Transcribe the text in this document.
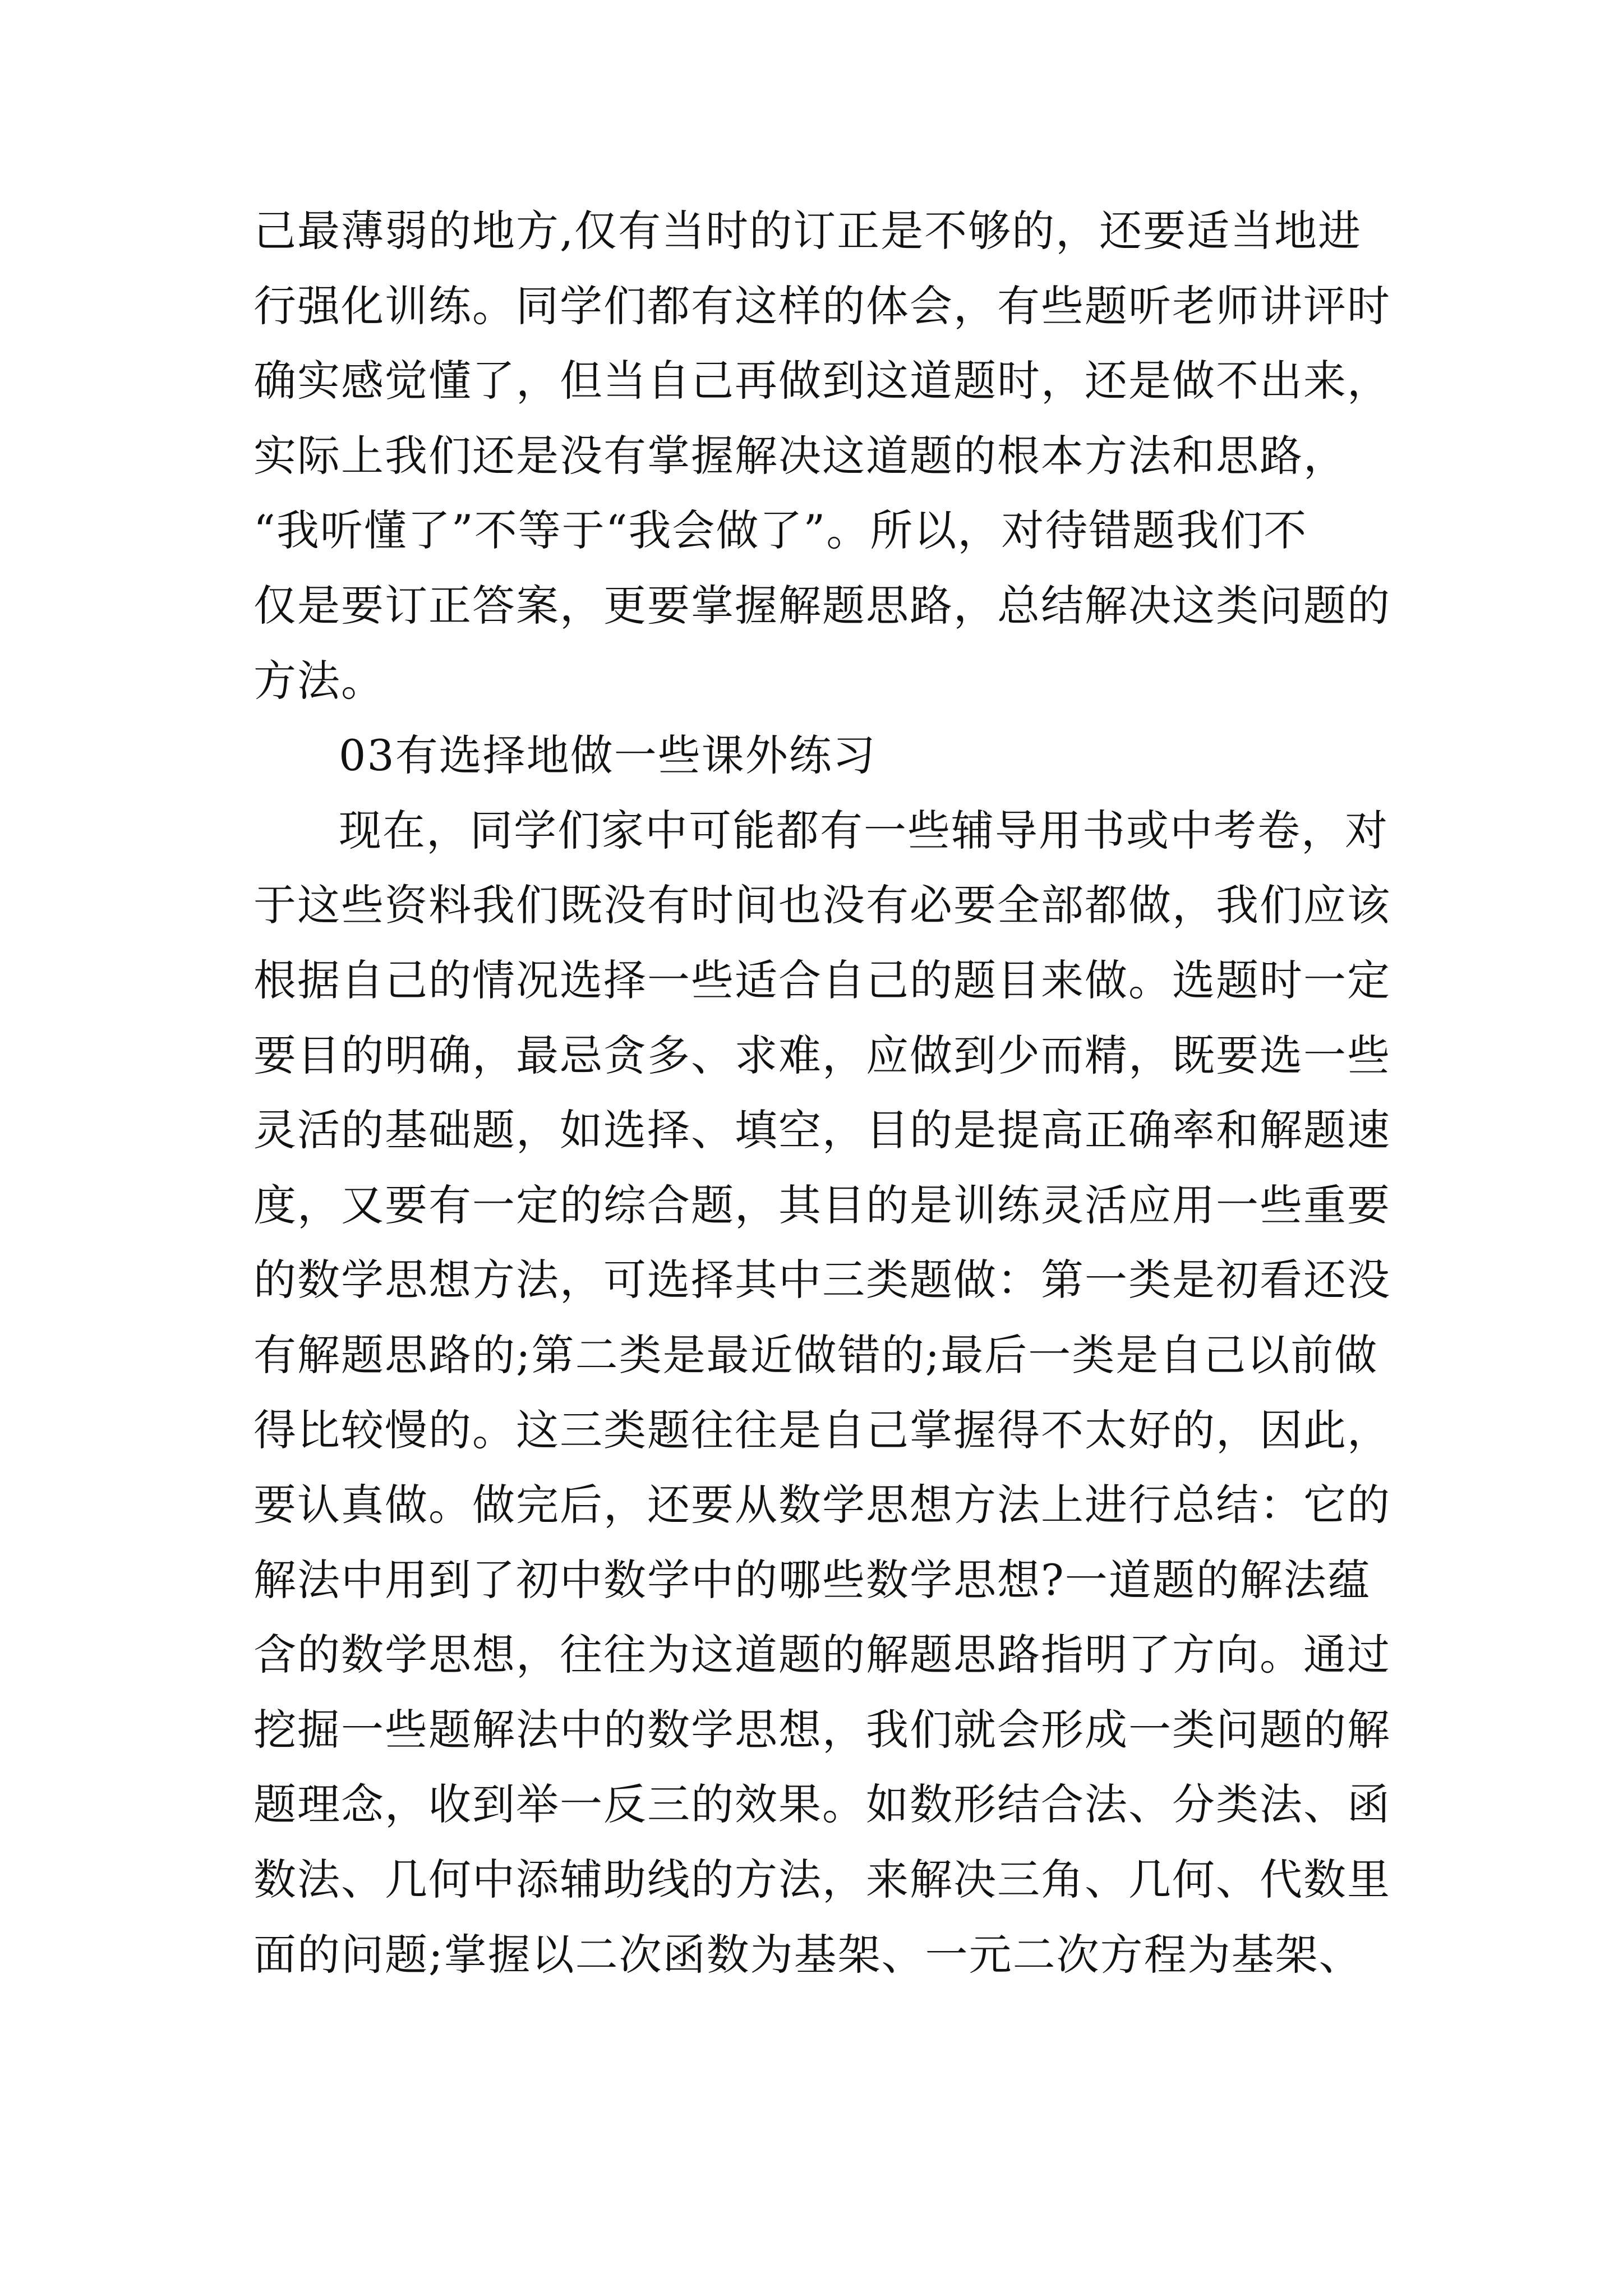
己最薄弱的地方,仅有当时的订正是不够的，还要适当地进
行强化训练。同学们都有这样的体会，有些题听老师讲评时
确实感觉懂了，但当自己再做到这道题时，还是做不出来，
实际上我们还是没有掌握解决这道题的根本方法和思路，
“我听懂了”不等于“我会做了”。所以，对待错题我们不
仅是要订正答案，更要掌握解题思路，总结解决这类问题的
方法。
03有选择地做一些课外练习
现在，同学们家中可能都有一些辅导用书或中考卷，对
于这些资料我们既没有时间也没有必要全部都做，我们应该
根据自己的情况选择一些适合自己的题目来做。选题时一定
要目的明确，最忌贪多、求难，应做到少而精，既要选一些
灵活的基础题，如选择、填空，目的是提高正确率和解题速
度，又要有一定的综合题，其目的是训练灵活应用一些重要
的数学思想方法，可选择其中三类题做：第一类是初看还没
有解题思路的;第二类是最近做错的;最后一类是自己以前做
得比较慢的。这三类题往往是自己掌握得不太好的，因此，
要认真做。做完后，还要从数学思想方法上进行总结：它的
解法中用到了初中数学中的哪些数学思想?一道题的解法蕴
含的数学思想，往往为这道题的解题思路指明了方向。通过
挖掘一些题解法中的数学思想，我们就会形成一类问题的解
题理念，收到举一反三的效果。如数形结合法、分类法、函
数法、几何中添辅助线的方法，来解决三角、几何、代数里
面的问题;掌握以二次函数为基架、一元二次方程为基架、
